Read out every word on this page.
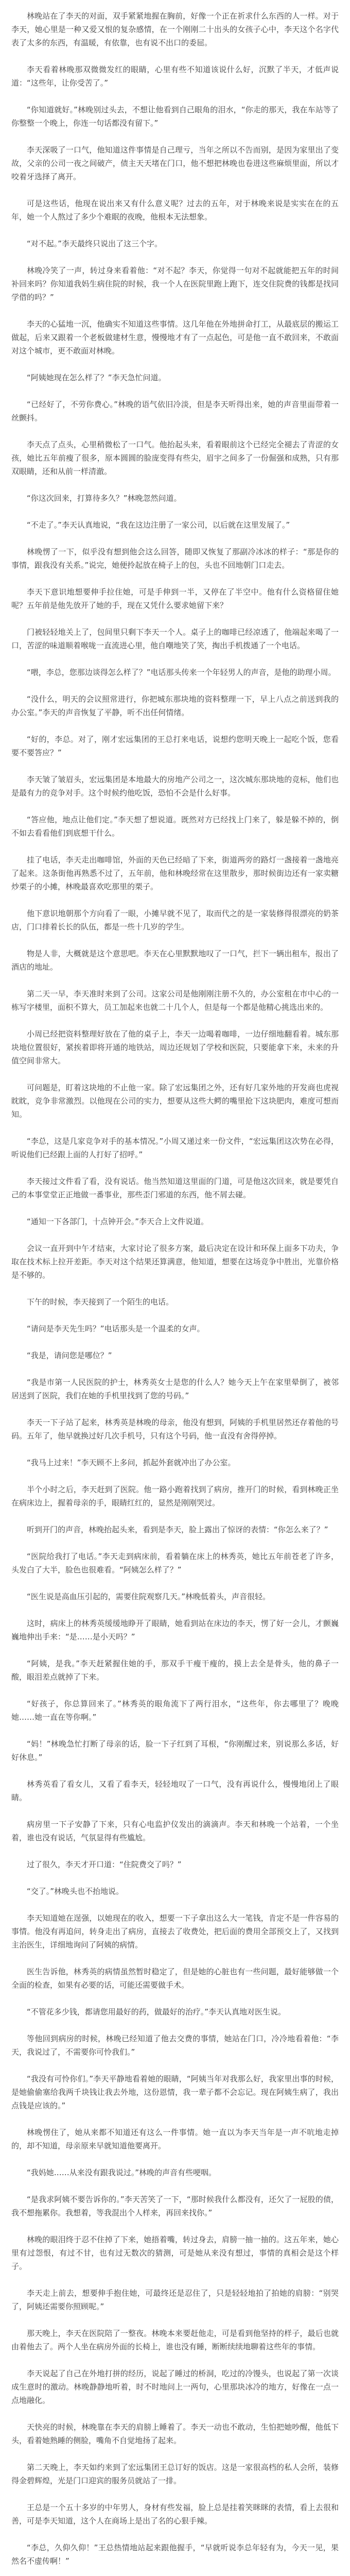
林晚站在了李天的对面，双手紧紧地握在胸前，好像一个正在祈求什么东西的人一样。对于李天，她心里是一种又爱又恨的复杂感情，在一个刚刚二十出头的女孩子心中，李天这个名字代表了太多的东西，有温暖，有依靠，也有说不出口的委屈。

李天看着林晚那双微微发红的眼睛，心里有些不知道该说什么好，沉默了半天，才低声说道：“这些年，让你受苦了。”

“你知道就好。”林晚别过头去，不想让他看到自己眼角的泪水，“你走的那天，我在车站等了你整整一个晚上，你连一句话都没有留下。”

李天深吸了一口气，他知道这件事情是自己理亏，当年之所以不告而别，是因为家里出了变故，父亲的公司一夜之间破产，债主天天堵在门口，他不想把林晚也卷进这些麻烦里面，所以才咬着牙选择了离开。

可是这些话，他现在说出来又有什么意义呢？过去的五年，对于林晚来说是实实在在的五年，她一个人熬过了多少个难眠的夜晚，他根本无法想象。

“对不起。”李天最终只说出了这三个字。

林晚冷笑了一声，转过身来看着他：“对不起？李天，你觉得一句对不起就能把五年的时间补回来吗？你知道我妈生病住院的时候，我一个人在医院里跑上跑下，连交住院费的钱都是找同学借的吗？”

李天的心猛地一沉，他确实不知道这些事情。这几年他在外地拼命打工，从最底层的搬运工做起，后来又跟着一个老板做建材生意，慢慢地才有了一点起色，可是他一直不敢回来，不敢面对这个城市，更不敢面对林晚。

“阿姨她现在怎么样了？”李天急忙问道。

“已经好了，不劳你费心。”林晚的语气依旧冷淡，但是李天听得出来，她的声音里面带着一丝颤抖。

李天点了点头，心里稍微松了一口气。他抬起头来，看着眼前这个已经完全褪去了青涩的女孩，她比五年前瘦了很多，原本圆圆的脸庞变得有些尖，眉宇之间多了一份倔强和成熟，只有那双眼睛，还和从前一样清澈。

“你这次回来，打算待多久？”林晚忽然问道。

“不走了。”李天认真地说，“我在这边注册了一家公司，以后就在这里发展了。”

林晚愣了一下，似乎没有想到他会这么回答，随即又恢复了那副冷冰冰的样子：“那是你的事情，跟我没有关系。”说完，她便拎起放在椅子上的包，头也不回地朝门口走去。

李天下意识地想要伸手拉住她，可是手伸到一半，又停在了半空中。他有什么资格留住她呢？五年前是他先放开了她的手，现在又凭什么要求她留下来？

门被轻轻地关上了，包间里只剩下李天一个人。桌子上的咖啡已经凉透了，他端起来喝了一口，苦涩的味道顺着喉咙一直流进心里，他自嘲地笑了笑，掏出手机拨通了一个电话。

“喂，李总，您那边谈得怎么样了？”电话那头传来一个年轻男人的声音，是他的助理小周。

“没什么，明天的会议照常进行，你把城东那块地的资料整理一下，早上八点之前送到我的办公室。”李天的声音恢复了平静，听不出任何情绪。

“好的，李总。对了，刚才宏远集团的王总打来电话，说想约您明天晚上一起吃个饭，您看要不要答应？”

李天皱了皱眉头，宏远集团是本地最大的房地产公司之一，这次城东那块地的竞标，他们也是最有力的竞争对手。这个时候约他吃饭，恐怕不会是什么好事。

“答应他，地点让他们定。”李天想了想说道。既然对方已经找上门来了，躲是躲不掉的，倒不如去看看他们到底想干什么。

挂了电话，李天走出咖啡馆，外面的天色已经暗了下来，街道两旁的路灯一盏接着一盏地亮了起来。这条街他再熟悉不过了，五年前，他和林晚经常在这里散步，那时候街边还有一家卖糖炒栗子的小摊，林晚最喜欢吃那里的栗子。

他下意识地朝那个方向看了一眼，小摊早就不见了，取而代之的是一家装修得很漂亮的奶茶店，门口排着长长的队伍，都是一些十几岁的学生。

物是人非，大概就是这个意思吧。李天在心里默默地叹了一口气，拦下一辆出租车，报出了酒店的地址。

第二天一早，李天准时来到了公司。这家公司是他刚刚注册不久的，办公室租在市中心的一栋写字楼里，面积不算大，员工加起来也就二十几个人，但是每一个都是他精心挑选出来的。

小周已经把资料整理好放在了他的桌子上，李天一边喝着咖啡，一边仔细地翻看着。城东那块地位置很好，紧挨着即将开通的地铁站，周边还规划了学校和医院，只要能拿下来，未来的升值空间非常大。

可问题是，盯着这块地的不止他一家。除了宏远集团之外，还有好几家外地的开发商也虎视眈眈，竞争非常激烈。以他现在公司的实力，想要从这些大鳄的嘴里抢下这块肥肉，难度可想而知。

“李总，这是几家竞争对手的基本情况。”小周又递过来一份文件，“宏远集团这次势在必得，听说他们已经跟上面的人打好了招呼。”

李天接过文件看了看，没有说话。他当然知道这里面的门道，可是他这次回来，就是要凭自己的本事堂堂正正地做一番事业，那些歪门邪道的东西，他不屑去碰。

“通知一下各部门，十点钟开会。”李天合上文件说道。

会议一直开到中午才结束，大家讨论了很多方案，最后决定在设计和环保上面多下功夫，争取在技术标上拉开差距。李天对这个结果还算满意，他知道，想要在这场竞争中胜出，光靠价格是不够的。

下午的时候，李天接到了一个陌生的电话。

“请问是李天先生吗？”电话那头是一个温柔的女声。

“我是，请问您是哪位？”

“我是市第一人民医院的护士，林秀英女士是您的什么人？她今天上午在家里晕倒了，被邻居送到了医院，我们在她的手机里找到了您的号码。”

李天一下子站了起来，林秀英是林晚的母亲，他没有想到，阿姨的手机里居然还存着他的号码。五年了，他早就换过好几次手机号，只有这个号码，他一直没有舍得停掉。

“我马上过来！”李天顾不上多问，抓起外套就冲出了办公室。

半个小时之后，李天赶到了医院。他一路小跑着找到了病房，推开门的时候，看到林晚正坐在病床边上，握着母亲的手，眼睛红红的，显然是刚刚哭过。

听到开门的声音，林晚抬起头来，看到是李天，脸上露出了惊讶的表情：“你怎么来了？”

“医院给我打了电话。”李天走到病床前，看着躺在床上的林秀英，她比五年前苍老了许多，头发白了大半，脸色也很难看。“阿姨怎么样了？”

“医生说是高血压引起的，需要住院观察几天。”林晚低着头，声音很轻。

这时，病床上的林秀英缓缓地睁开了眼睛，她看到站在床边的李天，愣了好一会儿，才颤巍巍地伸出手来：“是……是小天吗？”

“阿姨，是我。”李天赶紧握住她的手，那双手干瘦干瘦的，摸上去全是骨头，他的鼻子一酸，眼泪差点就掉了下来。

“好孩子，你总算回来了。”林秀英的眼角流下了两行泪水，“这些年，你去哪里了？晚晚她……她一直在等你啊。”

“妈！”林晚急忙打断了母亲的话，脸一下子红到了耳根，“你刚醒过来，别说那么多话，好好休息。”

林秀英看了看女儿，又看了看李天，轻轻地叹了一口气，没有再说什么，慢慢地闭上了眼睛。

病房里一下子安静了下来，只有心电监护仪发出的滴滴声。李天和林晚一个站着，一个坐着，谁也没有说话，气氛显得有些尴尬。

过了很久，李天才开口道：“住院费交了吗？”

“交了。”林晚头也不抬地说。

李天知道她在逞强，以她现在的收入，想要一下子拿出这么大一笔钱，肯定不是一件容易的事情。他没有再追问，转身走出了病房，直接去了收费处，把后面的费用全部预交上了，又找到主治医生，详细地询问了阿姨的病情。

医生告诉他，林秀英的病情虽然暂时稳定了，但是她的心脏也有一些问题，最好能够做一个全面的检查，如果有必要的话，可能还需要做手术。

“不管花多少钱，都请您用最好的药，做最好的治疗。”李天认真地对医生说。

等他回到病房的时候，林晚已经知道了他去交费的事情，她站在门口，冷冷地看着他：“李天，我说过了，不需要你可怜我们。”

“我没有可怜你们。”李天平静地看着她的眼睛，“阿姨当年对我那么好，我家里出事的时候，是她偷偷塞给我两千块钱让我去外地，这份恩情，我一辈子都不会忘记。现在阿姨生病了，我出点钱是应该的。”

林晚愣住了，她从来都不知道还有这么一件事情。她一直以为李天当年是一声不吭地走掉的，却不知道，母亲原来早就知道他要离开。

“我妈她……从来没有跟我说过。”林晚的声音有些哽咽。

“是我求阿姨不要告诉你的。”李天苦笑了一下，“那时候我什么都没有，还欠了一屁股的债，我不想拖累你。我想着，等我混出个人样来，再回来找你。”

林晚的眼泪终于忍不住掉了下来，她捂着嘴，转过身去，肩膀一抽一抽的。这五年来，她心里有过怨恨，有过不甘，也有过无数次的猜测，可是她从来没有想过，事情的真相会是这个样子。

李天走上前去，想要伸手抱住她，可最终还是忍住了，只是轻轻地拍了拍她的肩膀：“别哭了，阿姨还需要你照顾呢。”

那天晚上，李天在医院陪了一整夜。林晚本来要赶他走，可是看到他坚持的样子，最后也就由着他去了。两个人坐在病房外面的长椅上，谁也没有睡，断断续续地聊着这些年的事情。

李天说起了自己在外地打拼的经历，说起了睡过的桥洞，吃过的冷馒头，也说起了第一次谈成生意时的激动。林晚静静地听着，时不时地问上一两句，心里那块冰冷的地方，好像在一点一点地融化。

天快亮的时候，林晚靠在李天的肩膀上睡着了。李天一动也不敢动，生怕把她吵醒，他低下头，看着她熟睡的侧脸，嘴角不自觉地扬了起来。

第二天晚上，李天如约来到了宏远集团王总订好的饭店。这是一家很高档的私人会所，装修得金碧辉煌，光是门口迎宾的服务员就站了一排。

王总是一个五十多岁的中年男人，身材有些发福，脸上总是挂着笑眯眯的表情，看上去很和善，可是李天知道，这个人在商场上是出了名的心狠手辣。

“李总，久仰久仰！”王总热情地站起来跟他握手，“早就听说李总年轻有为，今天一见，果然名不虚传啊！”
